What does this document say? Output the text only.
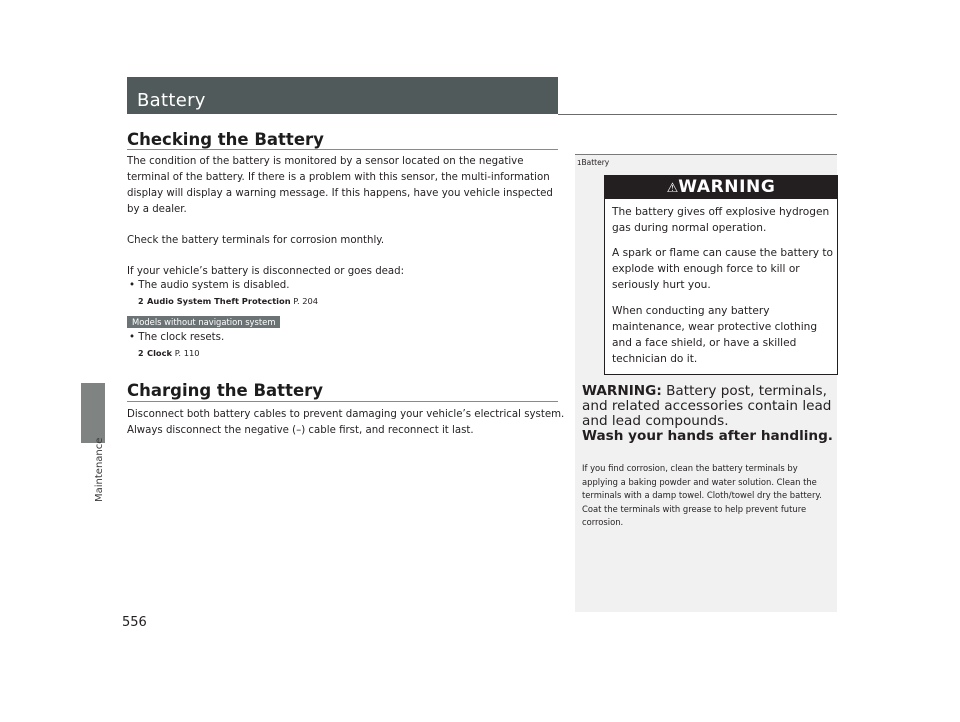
Maintenance
556
Battery
Checking the Battery
The condition of the battery is monitored by a sensor located on the negative
terminal of the battery. If there is a problem with this sensor, the multi-information
display will display a warning message. If this happens, have you vehicle inspected
by a dealer.
Check the battery terminals for corrosion monthly.
If your vehicle’s battery is disconnected or goes dead:
• The audio system is disabled.
2 Audio System Theft Protection P. 204
Models without navigation system
• The clock resets.
2 Clock P. 110
Charging the Battery
Disconnect both battery cables to prevent damaging your vehicle’s electrical system.
Always disconnect the negative (–) cable first, and reconnect it last.
1Battery
⚠WARNING
The battery gives off explosive hydrogen gas during normal operation.
A spark or flame can cause the battery to explode with enough force to kill or seriously hurt you.
When conducting any battery maintenance, wear protective clothing and a face shield, or have a skilled technician do it.
WARNING: Battery post, terminals, and related accessories contain lead and lead compounds.
Wash your hands after handling.
If you find corrosion, clean the battery terminals by applying a baking powder and water solution. Clean the terminals with a damp towel. Cloth/towel dry the battery. Coat the terminals with grease to help prevent future corrosion.
